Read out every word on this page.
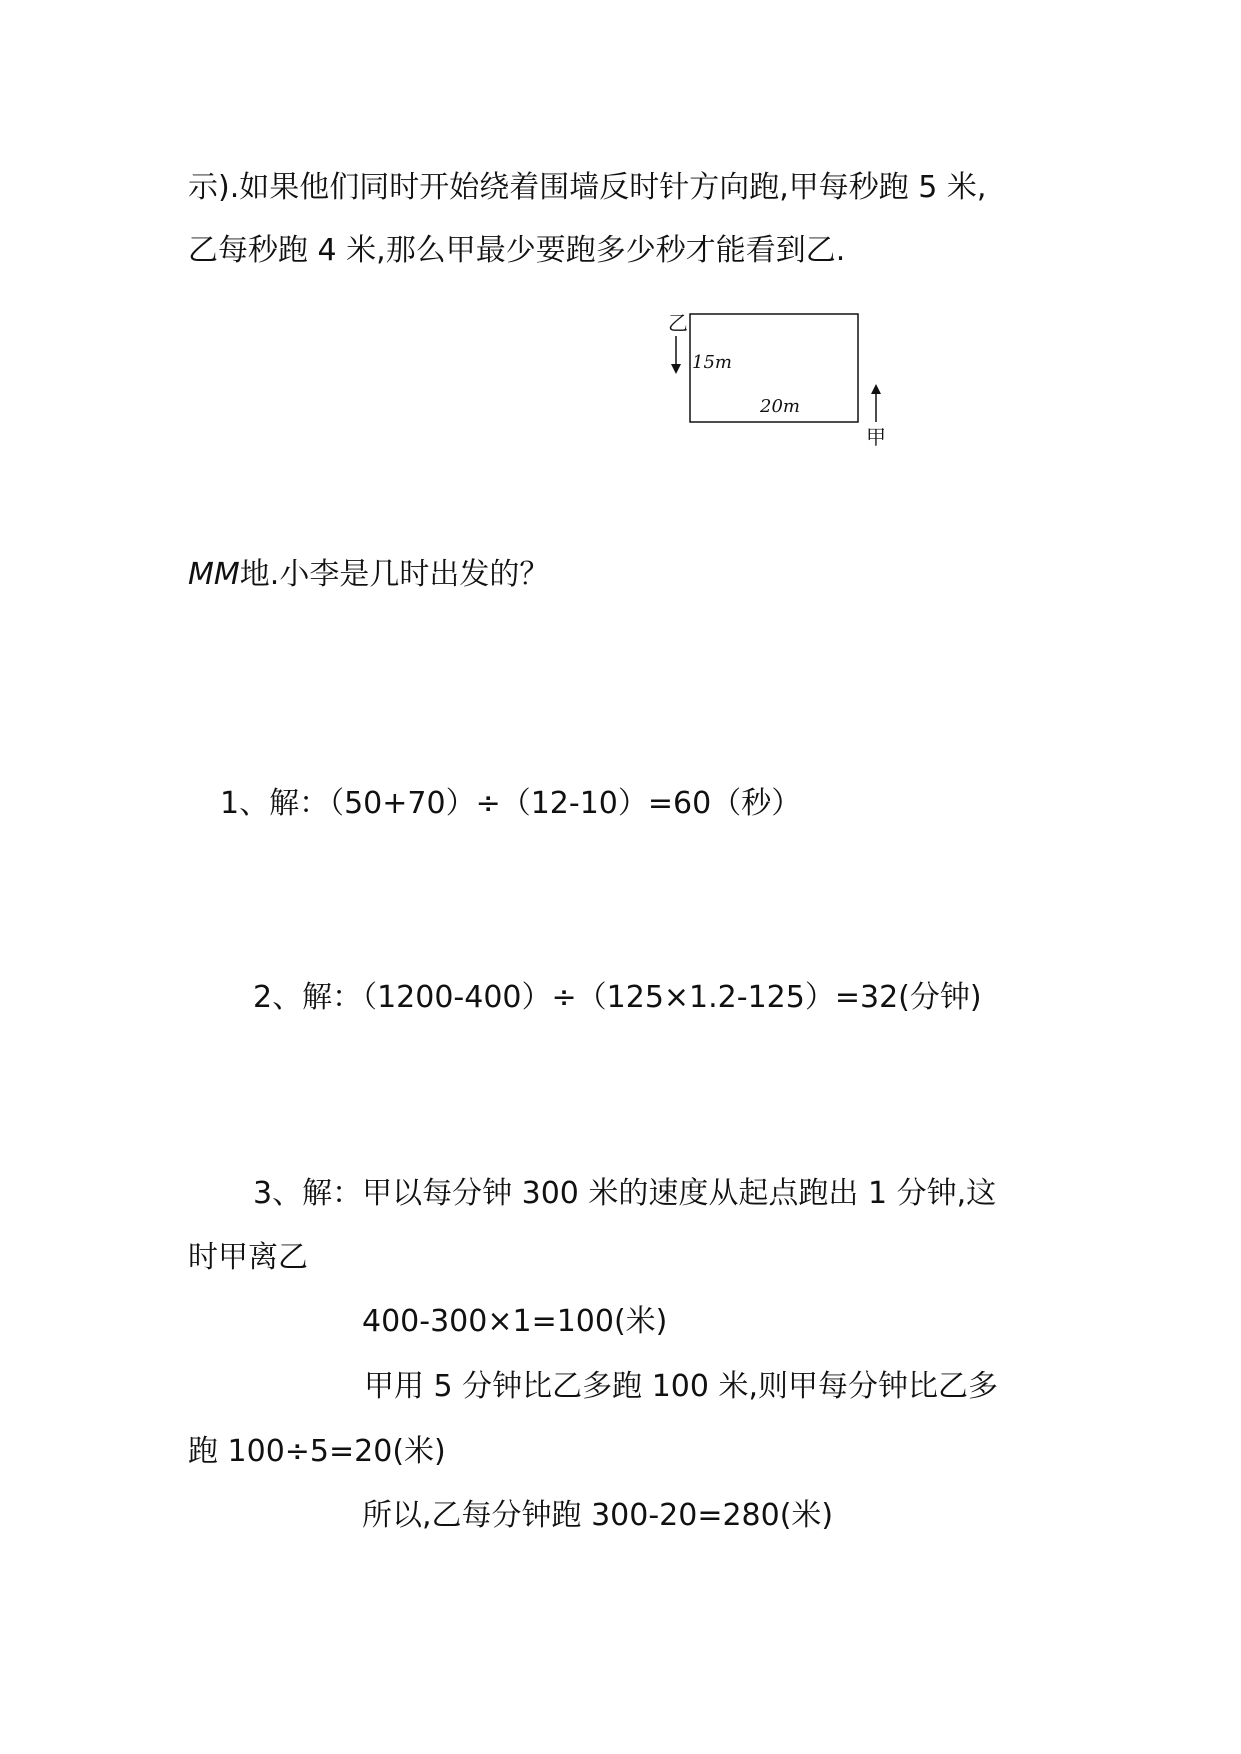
示).如果他们同时开始绕着围墙反时针方向跑,甲每秒跑 5 米,
乙每秒跑 4 米,那么甲最少要跑多少秒才能看到乙.
乙
15m
20m
甲
MM地.小李是几时出发的？
1、解：（50+70）÷（12-10）=60（秒）
2、解：（1200-400）÷（125×1.2-125）=32(分钟)
3、解：甲以每分钟 300 米的速度从起点跑出 1 分钟,这
时甲离乙
400-300×1=100(米)
甲用 5 分钟比乙多跑 100 米,则甲每分钟比乙多
跑 100÷5=20(米)
所以,乙每分钟跑 300-20=280(米)
